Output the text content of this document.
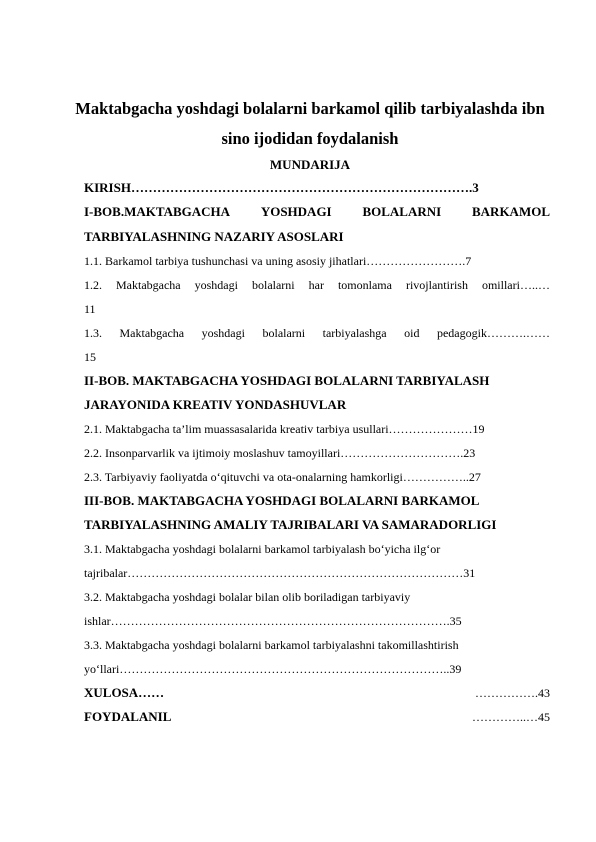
Maktabgacha yoshdagi bolalarni barkamol qilib tarbiyalashda ibn
sino ijodidan foydalanish
MUNDARIJA
KIRISH…………………………………………………………………….3
I-BOB.MAKTABGACHA YOSHDAGI BOLALARNI BARKAMOL
TARBIYALASHNING NAZARIY ASOSLARI
1.1. Barkamol tarbiya tushunchasi va uning asosiy jihatlari…………………….7
1.2. Maktabgacha yoshdagi bolalarni har tomonlama rivojlantirish omillari…..…
11
1.3. Maktabgacha yoshdagi bolalarni tarbiyalashga oid pedagogik……….……
15
II-BOB. MAKTABGACHA YOSHDAGI BOLALARNI TARBIYALASH
JARAYONIDA KREATIV YONDASHUVLAR
2.1. Maktabgacha ta’lim muassasalarida kreativ tarbiya usullari…………………19
2.2. Insonparvarlik va ijtimoiy moslashuv tamoyillari………………………….23
2.3. Tarbiyaviy faoliyatda o‘qituvchi va ota-onalarning hamkorligi……………..27
III-BOB. MAKTABGACHA YOSHDAGI BOLALARNI BARKAMOL
TARBIYALASHNING AMALIY TAJRIBALARI VA SAMARADORLIGI
3.1. Maktabgacha yoshdagi bolalarni barkamol tarbiyalash bo‘yicha ilg‘or
tajribalar…………………………………………………………………………31
3.2. Maktabgacha yoshdagi bolalar bilan olib boriladigan tarbiyaviy
ishlar………………………………………………………………………….35
3.3. Maktabgacha yoshdagi bolalarni barkamol tarbiyalashni takomillashtirish
yo‘llari………………………………………………………………………..39
XULOSA……	…………….43
FOYDALANIL	…………..…45
